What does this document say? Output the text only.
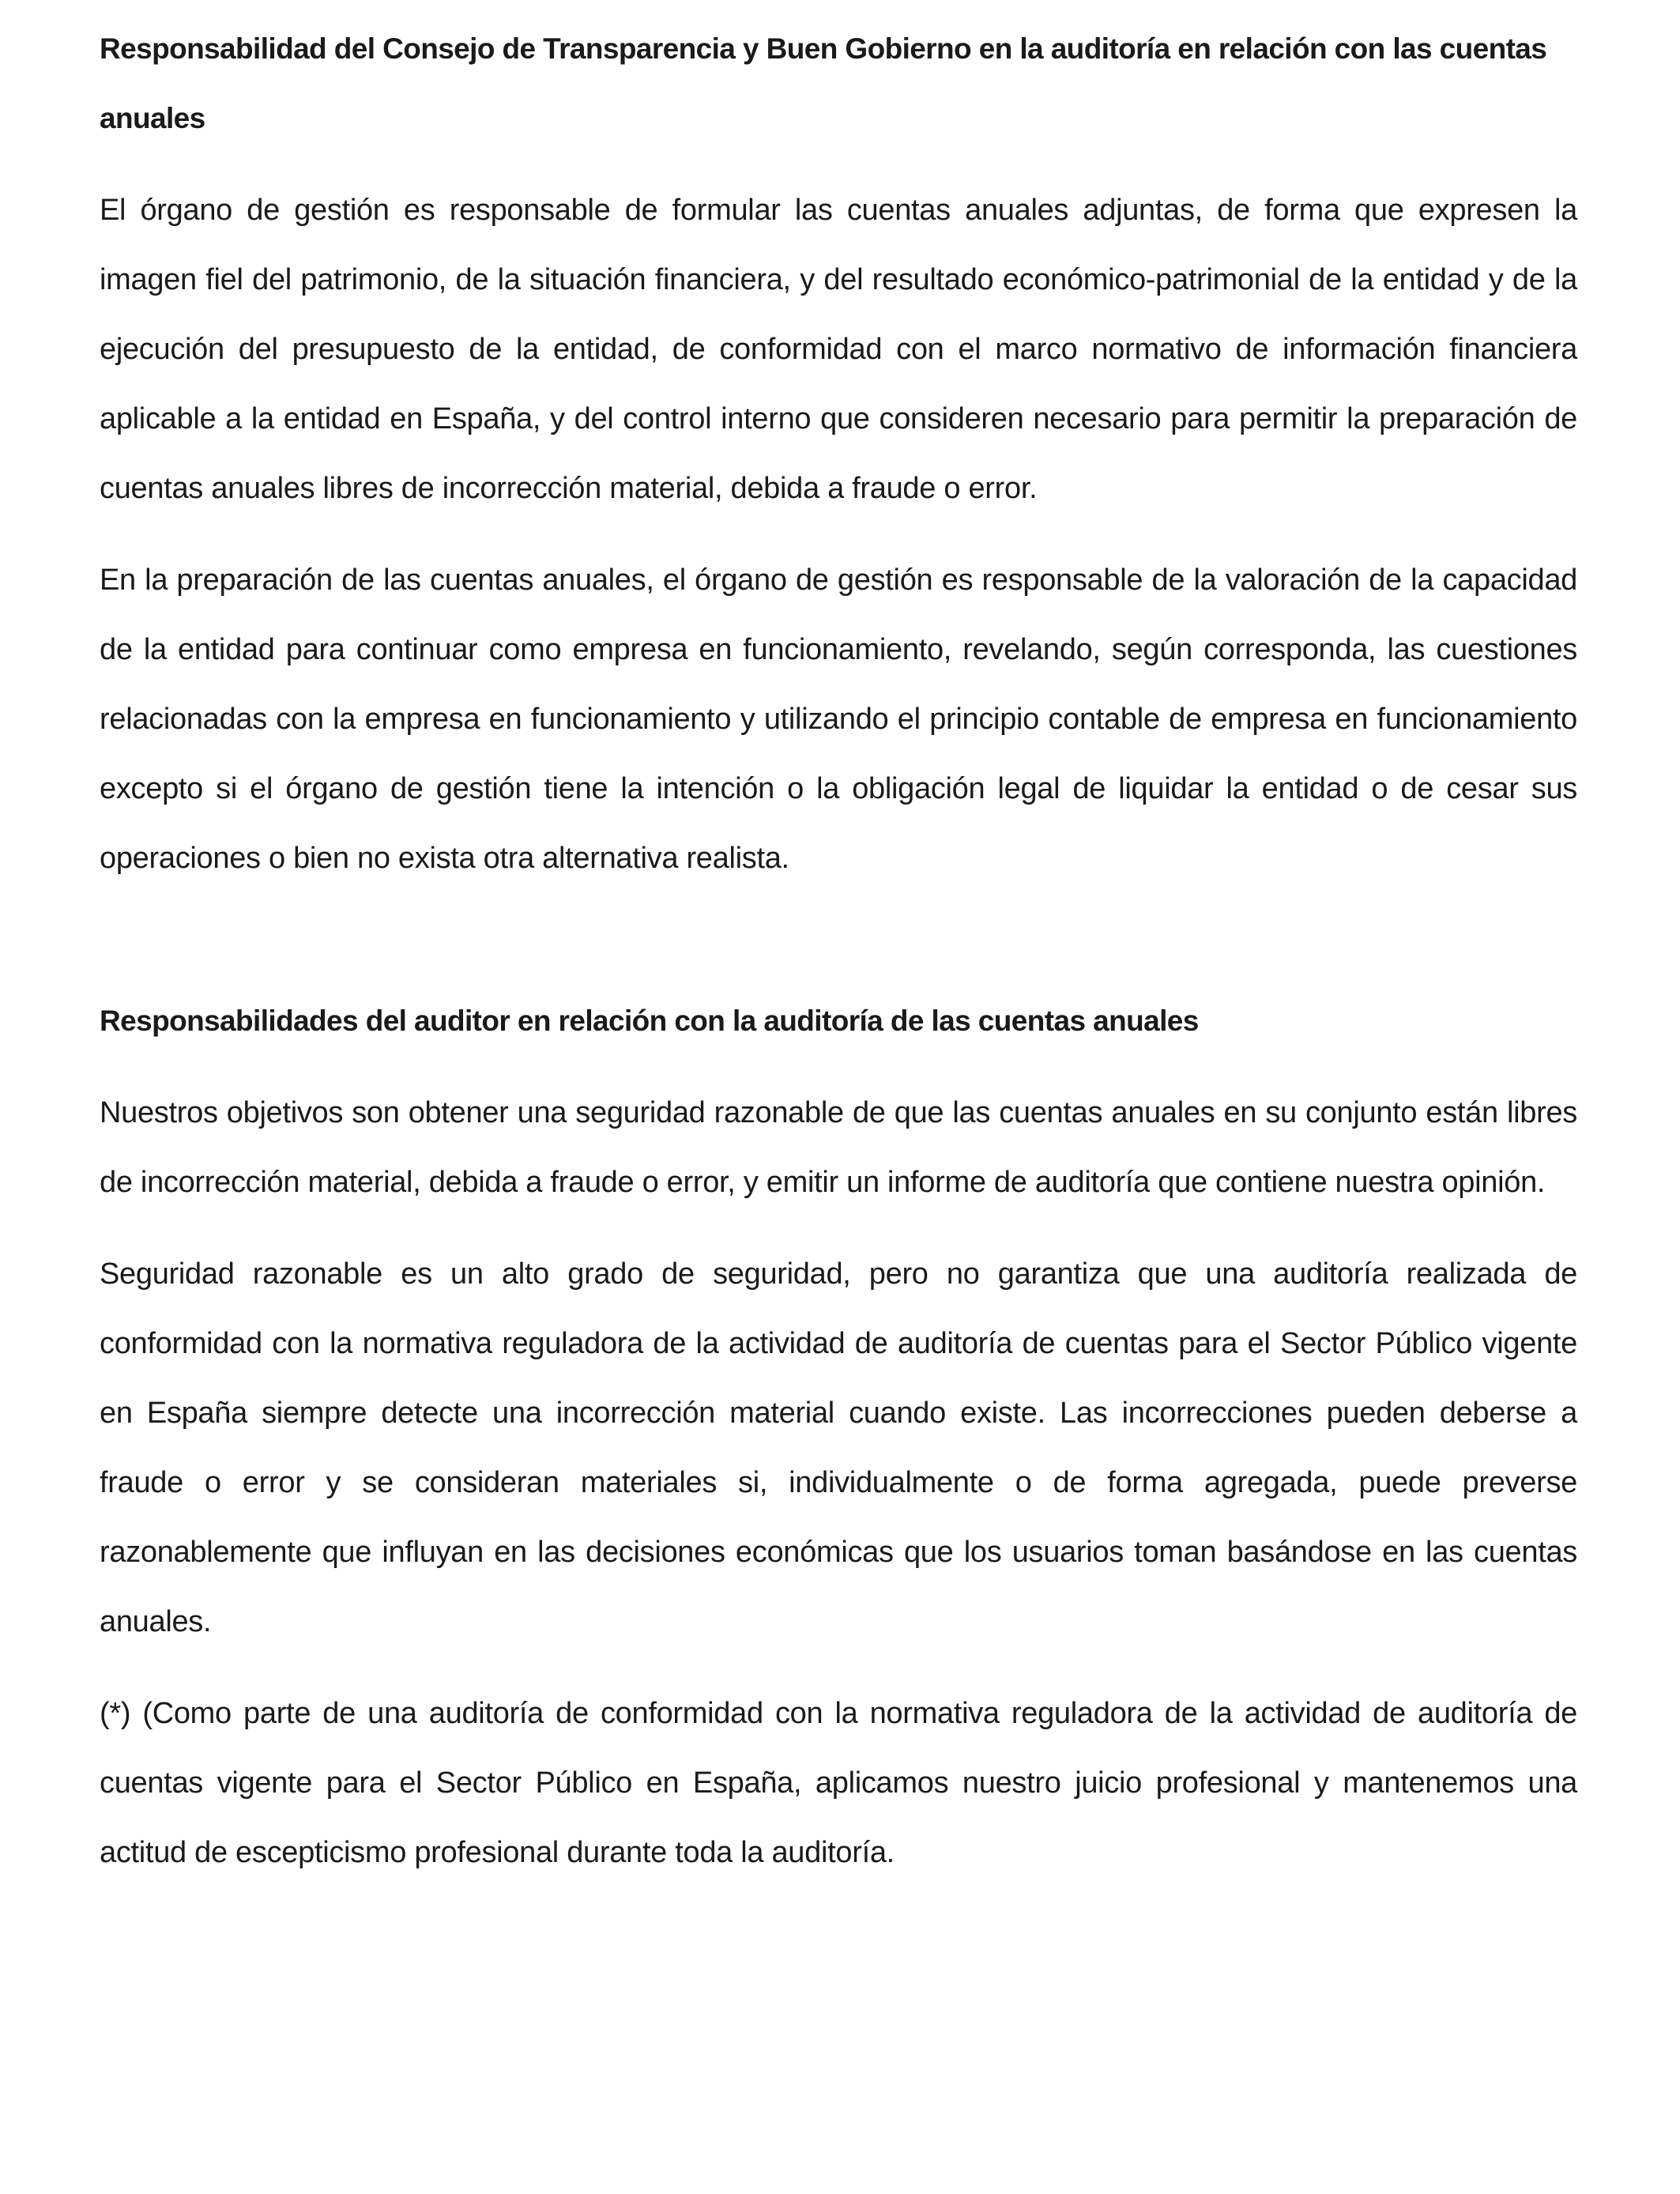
Responsabilidad del Consejo de Transparencia y Buen Gobierno en la auditoría en relación con las cuentas anuales

El órgano de gestión es responsable de formular las cuentas anuales adjuntas, de forma que expresen la imagen fiel del patrimonio, de la situación financiera, y del resultado económico-patrimonial de la entidad y de la ejecución del presupuesto de la entidad, de conformidad con el marco normativo de información financiera aplicable a la entidad en España, y del control interno que consideren necesario para permitir la preparación de cuentas anuales libres de incorrección material, debida a fraude o error.

En la preparación de las cuentas anuales, el órgano de gestión es responsable de la valoración de la capacidad de la entidad para continuar como empresa en funcionamiento, revelando, según corresponda, las cuestiones relacionadas con la empresa en funcionamiento y utilizando el principio contable de empresa en funcionamiento excepto si el órgano de gestión tiene la intención o la obligación legal de liquidar la entidad o de cesar sus operaciones o bien no exista otra alternativa realista.

Responsabilidades del auditor en relación con la auditoría de las cuentas anuales

Nuestros objetivos son obtener una seguridad razonable de que las cuentas anuales en su conjunto están libres de incorrección material, debida a fraude o error, y emitir un informe de auditoría que contiene nuestra opinión.

Seguridad razonable es un alto grado de seguridad, pero no garantiza que una auditoría realizada de conformidad con la normativa reguladora de la actividad de auditoría de cuentas para el Sector Público vigente en España siempre detecte una incorrección material cuando existe. Las incorrecciones pueden deberse a fraude o error y se consideran materiales si, individualmente o de forma agregada, puede preverse razonablemente que influyan en las decisiones económicas que los usuarios toman basándose en las cuentas anuales.

(*) (Como parte de una auditoría de conformidad con la normativa reguladora de la actividad de auditoría de cuentas vigente para el Sector Público en España, aplicamos nuestro juicio profesional y mantenemos una actitud de escepticismo profesional durante toda la auditoría.
